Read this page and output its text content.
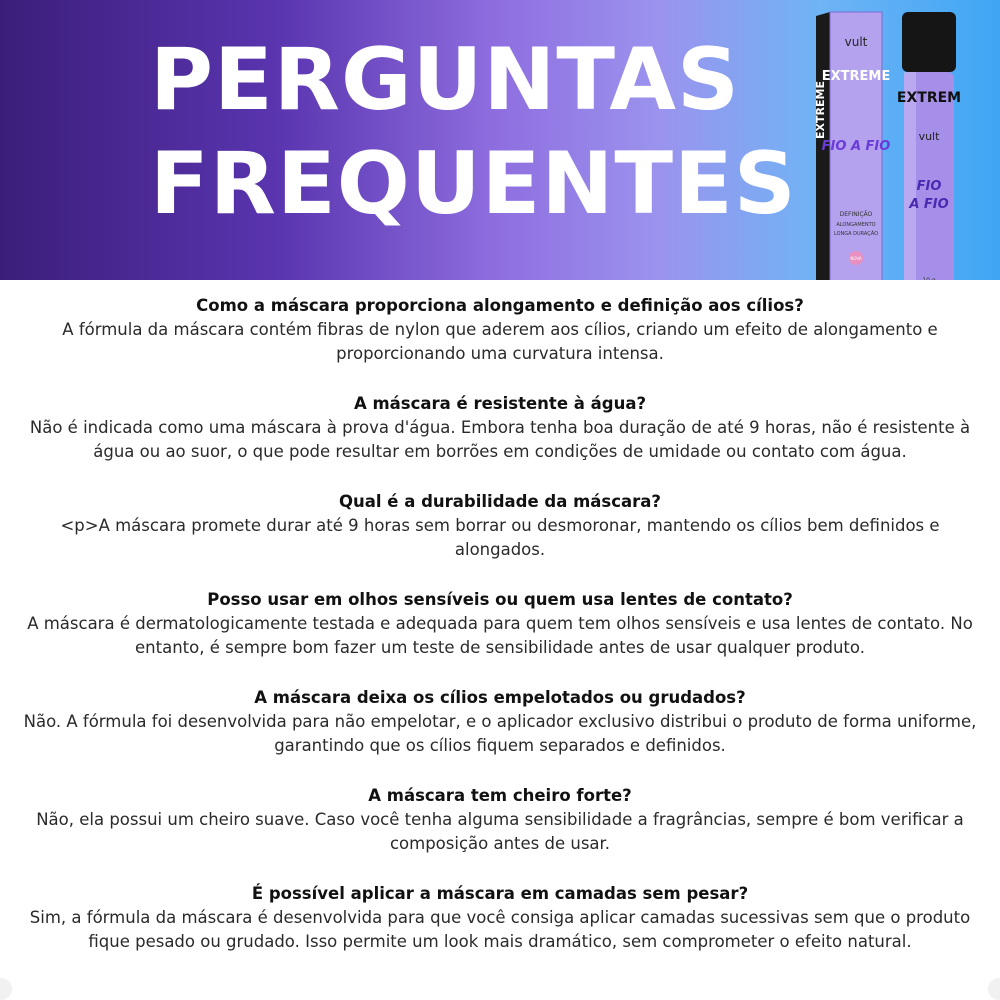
PERGUNTAS
FREQUENTES
EXTREME
vult
EXTREME
FIO A FIO
DEFINIÇÃO
ALONGAMENTO
LONGA DURAÇÃO
NOVA
10 g
EXTREM
vult
FIO
A FIO
10 g
Como a máscara proporciona alongamento e definição aos cílios?
A fórmula da máscara contém fibras de nylon que aderem aos cílios, criando um efeito de alongamento e proporcionando uma curvatura intensa.
A máscara é resistente à água?
Não é indicada como uma máscara à prova d'água. Embora tenha boa duração de até 9 horas, não é resistente à água ou ao suor, o que pode resultar em borrões em condições de umidade ou contato com água.
Qual é a durabilidade da máscara?
<p>A máscara promete durar até 9 horas sem borrar ou desmoronar, mantendo os cílios bem definidos e alongados.
Posso usar em olhos sensíveis ou quem usa lentes de contato?
A máscara é dermatologicamente testada e adequada para quem tem olhos sensíveis e usa lentes de contato. No entanto, é sempre bom fazer um teste de sensibilidade antes de usar qualquer produto.
A máscara deixa os cílios empelotados ou grudados?
Não. A fórmula foi desenvolvida para não empelotar, e o aplicador exclusivo distribui o produto de forma uniforme, garantindo que os cílios fiquem separados e definidos.
A máscara tem cheiro forte?
Não, ela possui um cheiro suave. Caso você tenha alguma sensibilidade a fragrâncias, sempre é bom verificar a composição antes de usar.
É possível aplicar a máscara em camadas sem pesar?
Sim, a fórmula da máscara é desenvolvida para que você consiga aplicar camadas sucessivas sem que o produto fique pesado ou grudado. Isso permite um look mais dramático, sem comprometer o efeito natural.
